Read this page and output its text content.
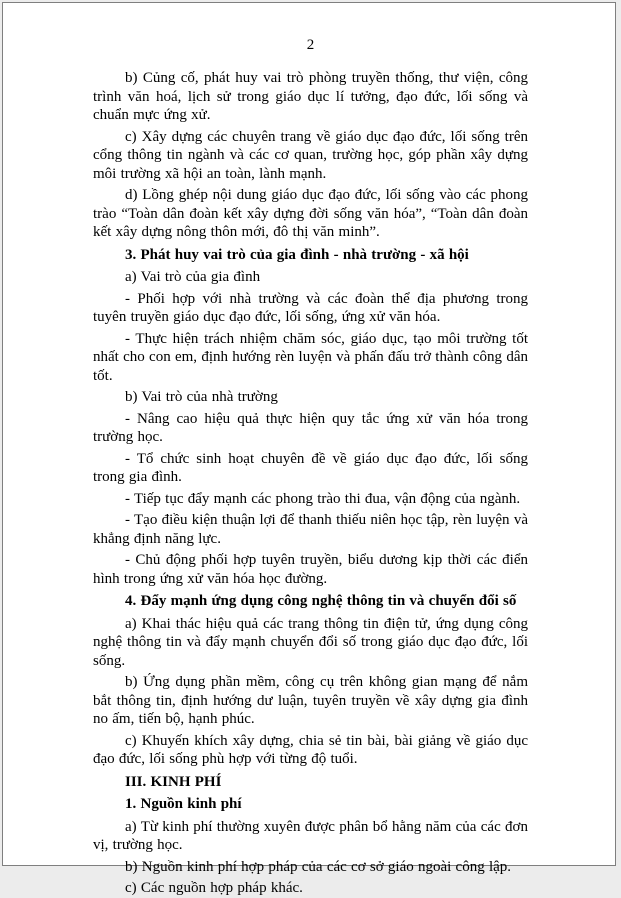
2

b) Củng cố, phát huy vai trò phòng truyền thống, thư viện, công trình văn hoá, lịch sử trong giáo dục lí tưởng, đạo đức, lối sống và chuẩn mực ứng xử.

c) Xây dựng các chuyên trang về giáo dục đạo đức, lối sống trên cổng thông tin ngành và các cơ quan, trường học, góp phần xây dựng môi trường xã hội an toàn, lành mạnh.

d) Lồng ghép nội dung giáo dục đạo đức, lối sống vào các phong trào “Toàn dân đoàn kết xây dựng đời sống văn hóa”, “Toàn dân đoàn kết xây dựng nông thôn mới, đô thị văn minh”.

3. Phát huy vai trò của gia đình - nhà trường - xã hội

a) Vai trò của gia đình

- Phối hợp với nhà trường và các đoàn thể địa phương trong tuyên truyền giáo dục đạo đức, lối sống, ứng xử văn hóa.

- Thực hiện trách nhiệm chăm sóc, giáo dục, tạo môi trường tốt nhất cho con em, định hướng rèn luyện và phấn đấu trở thành công dân tốt.

b) Vai trò của nhà trường

- Nâng cao hiệu quả thực hiện quy tắc ứng xử văn hóa trong trường học.

- Tổ chức sinh hoạt chuyên đề về giáo dục đạo đức, lối sống trong gia đình.

- Tiếp tục đẩy mạnh các phong trào thi đua, vận động của ngành.

- Tạo điều kiện thuận lợi để thanh thiếu niên học tập, rèn luyện và khẳng định năng lực.

- Chủ động phối hợp tuyên truyền, biểu dương kịp thời các điển hình trong ứng xử văn hóa học đường.

4. Đẩy mạnh ứng dụng công nghệ thông tin và chuyển đổi số

a) Khai thác hiệu quả các trang thông tin điện tử, ứng dụng công nghệ thông tin và đẩy mạnh chuyển đổi số trong giáo dục đạo đức, lối sống.

b) Ứng dụng phần mềm, công cụ trên không gian mạng để nắm bắt thông tin, định hướng dư luận, tuyên truyền về xây dựng gia đình no ấm, tiến bộ, hạnh phúc.

c) Khuyến khích xây dựng, chia sẻ tin bài, bài giảng về giáo dục đạo đức, lối sống phù hợp với từng độ tuổi.

III. KINH PHÍ

1. Nguồn kinh phí

a) Từ kinh phí thường xuyên được phân bổ hằng năm của các đơn vị, trường học.

b) Nguồn kinh phí hợp pháp của các cơ sở giáo ngoài công lập.

c) Các nguồn hợp pháp khác.
